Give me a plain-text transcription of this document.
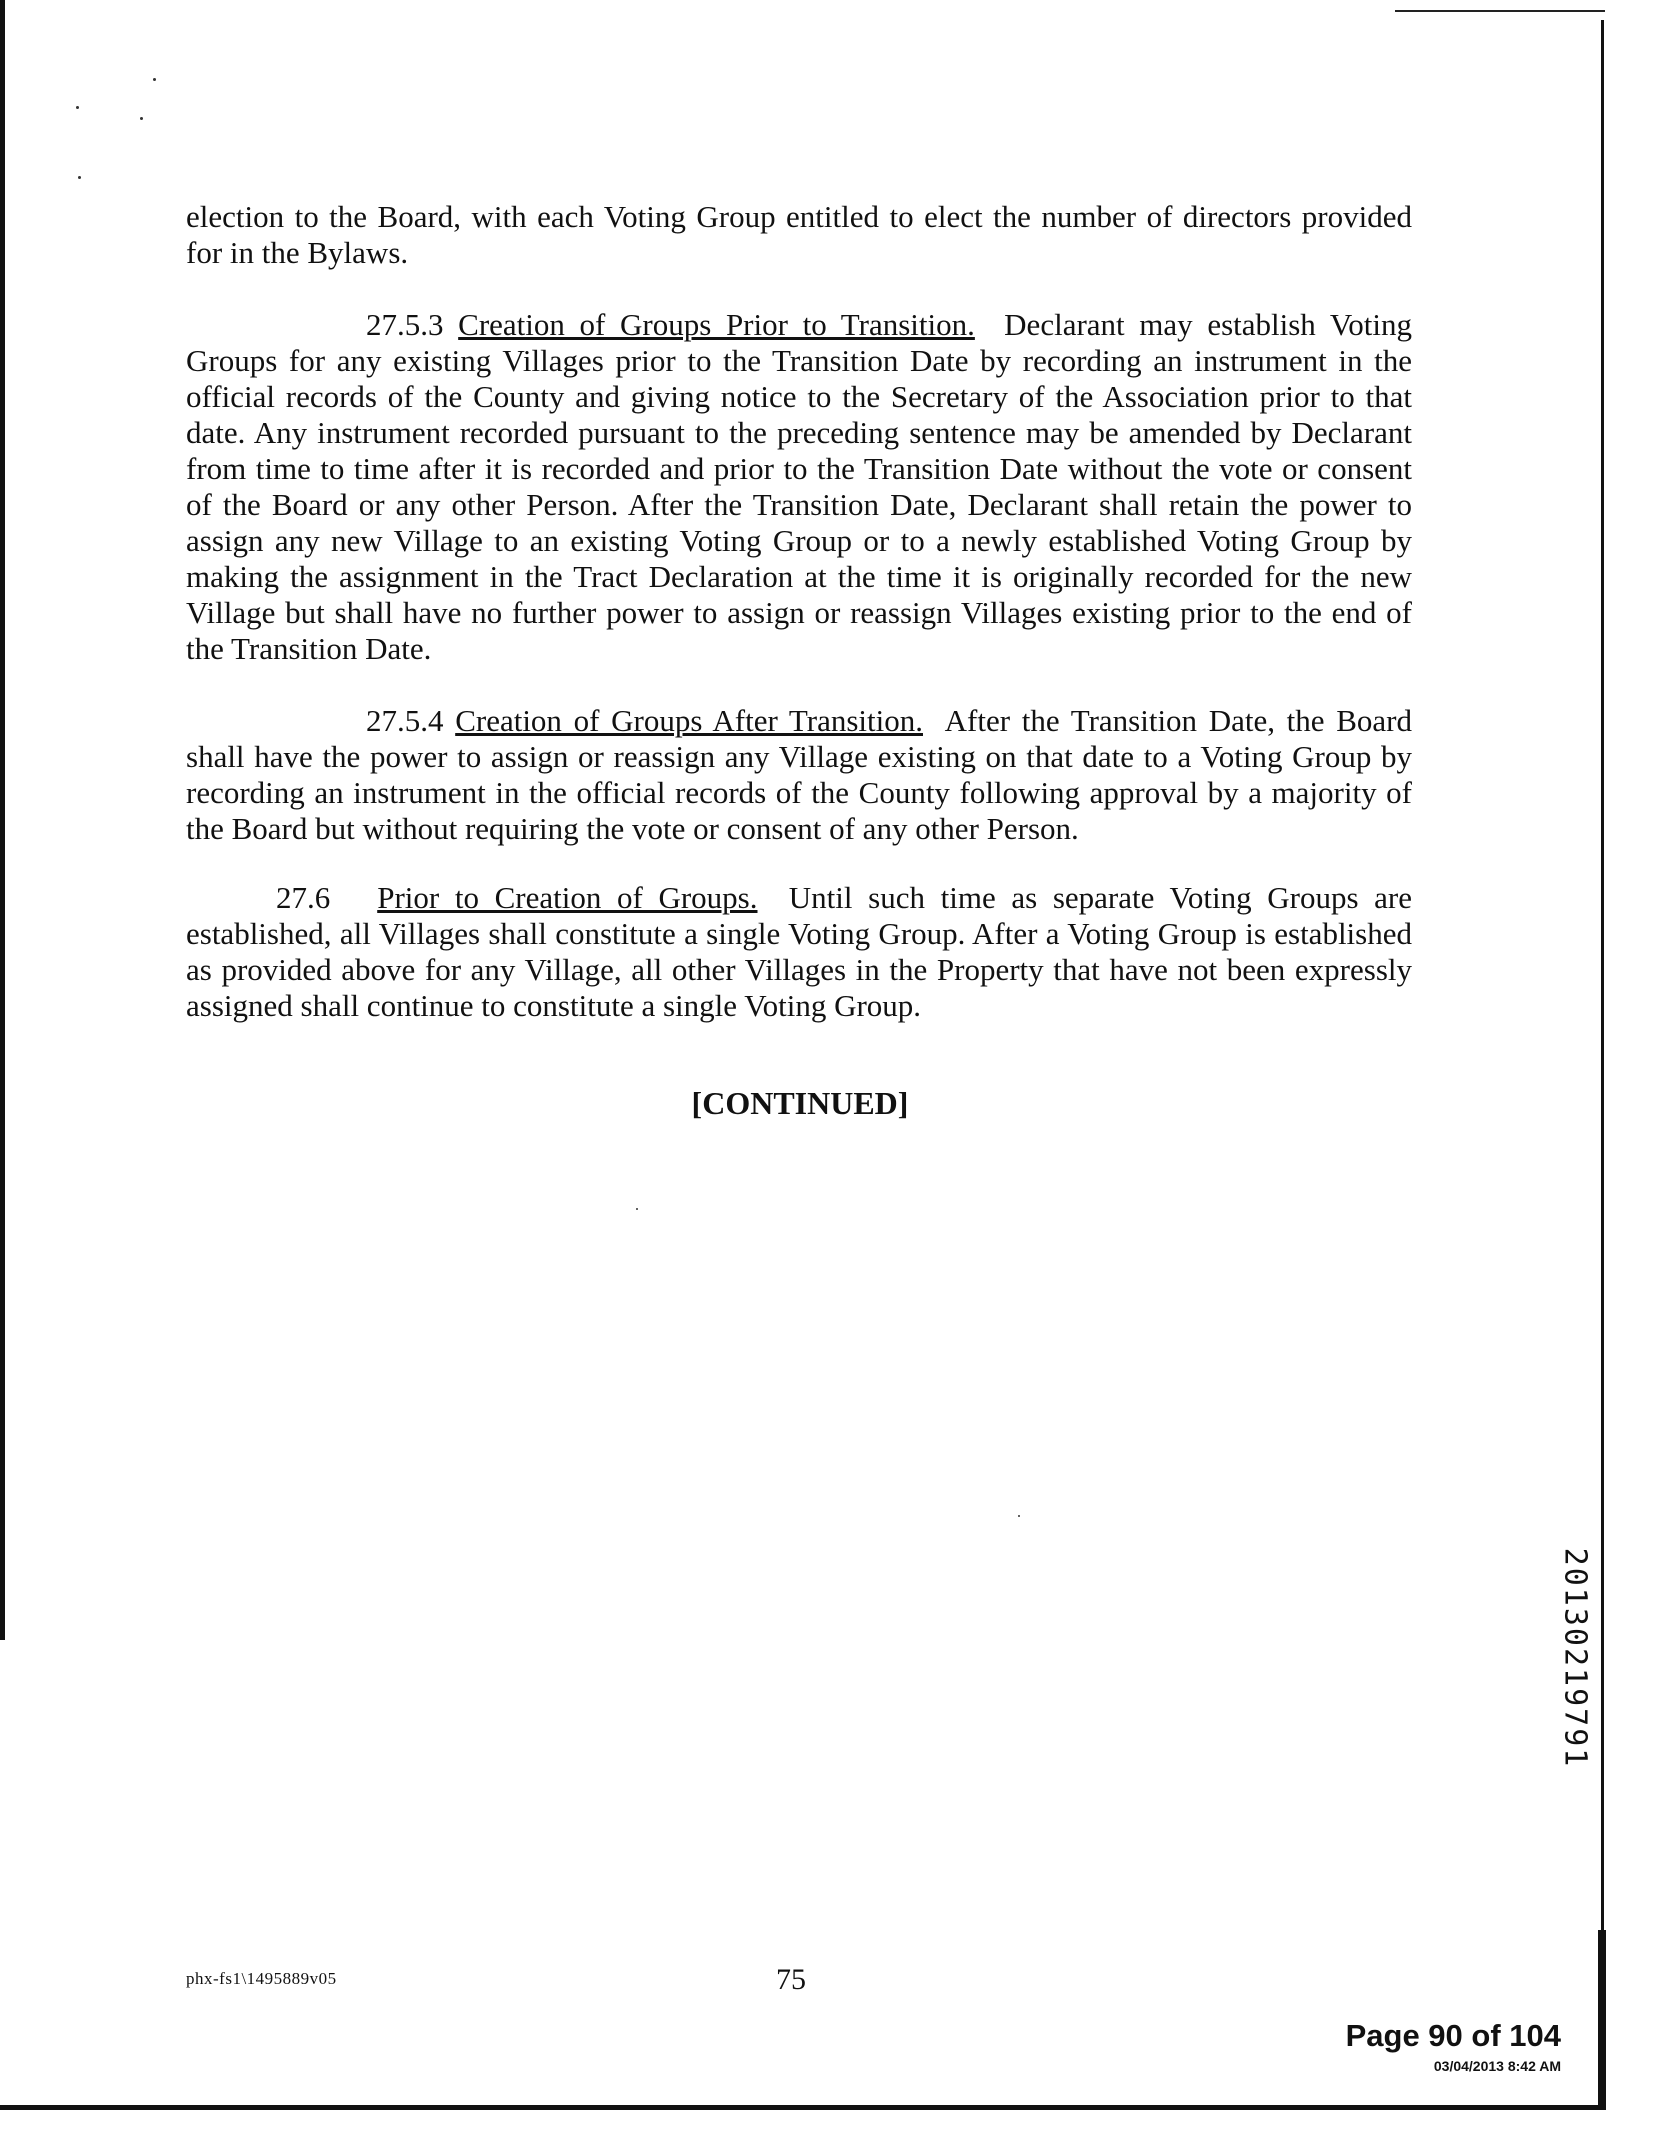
election to the Board, with each Voting Group entitled to elect the number of directors provided for in the Bylaws.

27.5.3 Creation of Groups Prior to Transition. Declarant may establish Voting Groups for any existing Villages prior to the Transition Date by recording an instrument in the official records of the County and giving notice to the Secretary of the Association prior to that date. Any instrument recorded pursuant to the preceding sentence may be amended by Declarant from time to time after it is recorded and prior to the Transition Date without the vote or consent of the Board or any other Person. After the Transition Date, Declarant shall retain the power to assign any new Village to an existing Voting Group or to a newly established Voting Group by making the assignment in the Tract Declaration at the time it is originally recorded for the new Village but shall have no further power to assign or reassign Villages existing prior to the end of the Transition Date.

27.5.4 Creation of Groups After Transition. After the Transition Date, the Board shall have the power to assign or reassign any Village existing on that date to a Voting Group by recording an instrument in the official records of the County following approval by a majority of the Board but without requiring the vote or consent of any other Person.

27.6 Prior to Creation of Groups. Until such time as separate Voting Groups are established, all Villages shall constitute a single Voting Group. After a Voting Group is established as provided above for any Village, all other Villages in the Property that have not been expressly assigned shall continue to constitute a single Voting Group.

[CONTINUED]
20130219791
phx-fs1\1495889v05	75
Page 90 of 104
03/04/2013 8:42 AM
